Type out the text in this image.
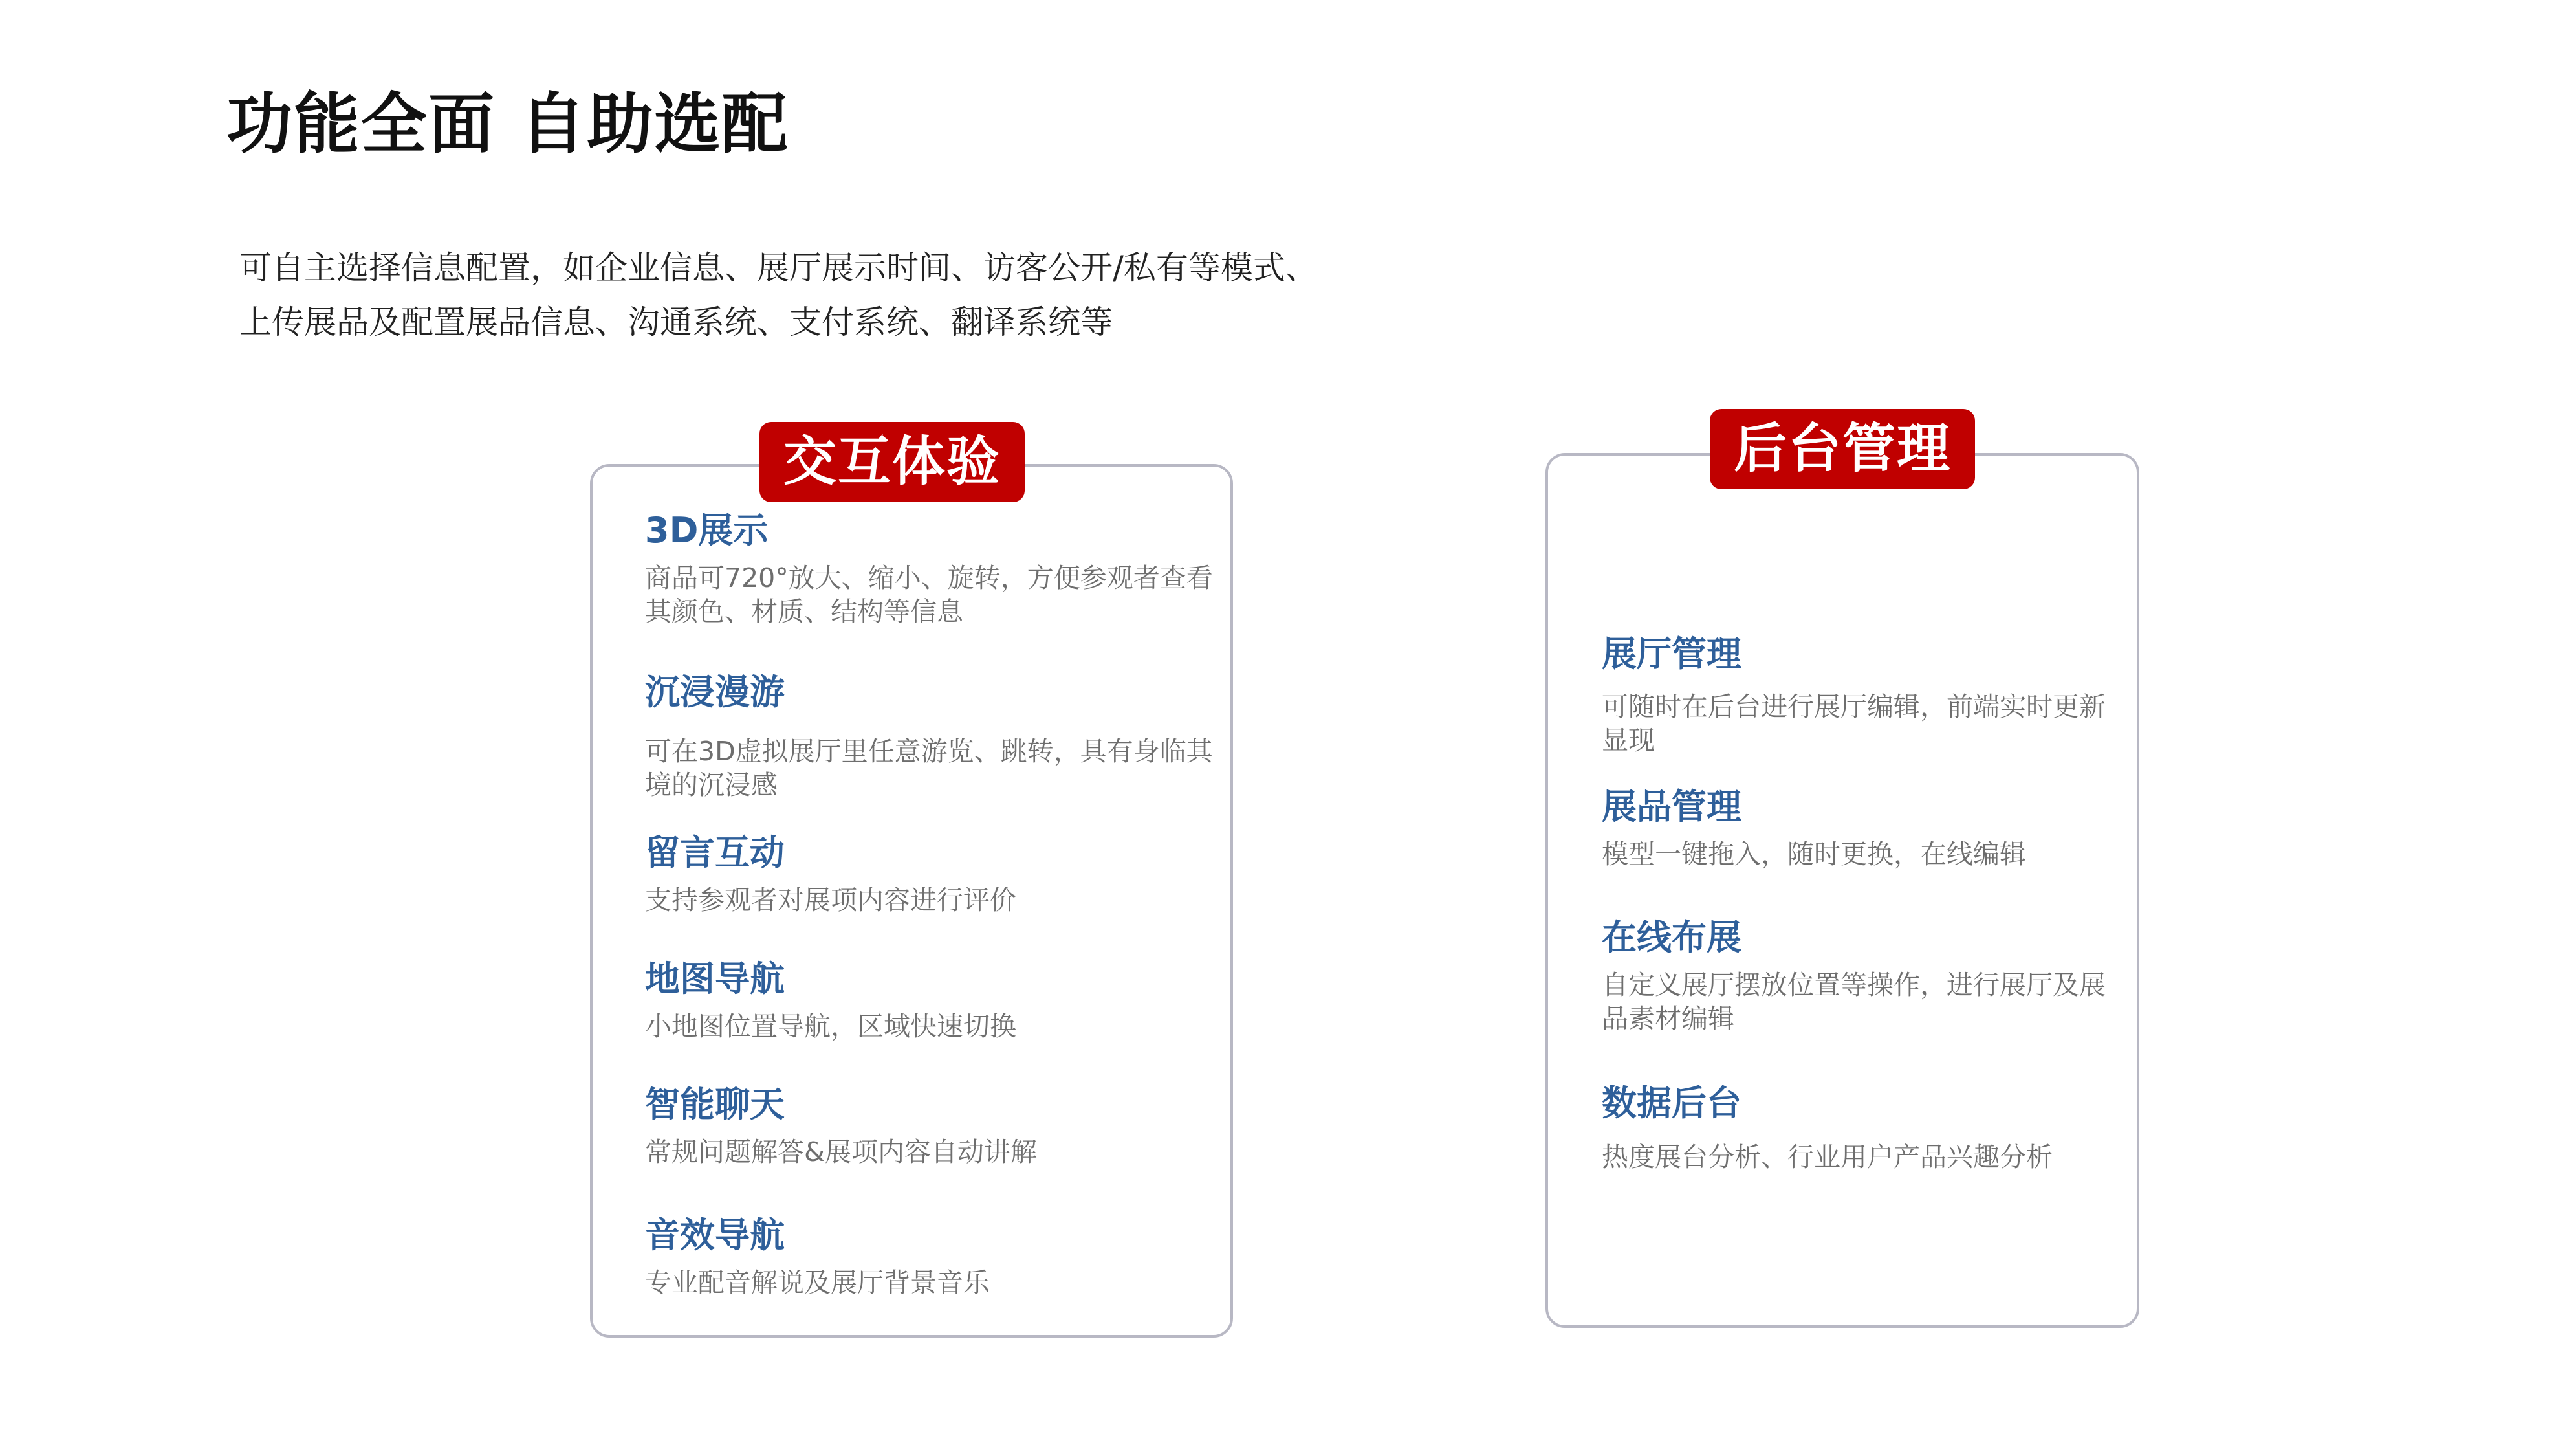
功能全面 自助选配
可自主选择信息配置，如企业信息、展厅展示时间、访客公开/私有等模式、
上传展品及配置展品信息、沟通系统、支付系统、翻译系统等
交互体验
3D展示
商品可720°放大、缩小、旋转，方便参观者查看其颜色、材质、结构等信息
沉浸漫游
可在3D虚拟展厅里任意游览、跳转，具有身临其境的沉浸感
留言互动
支持参观者对展项内容进行评价
地图导航
小地图位置导航，区域快速切换
智能聊天
常规问题解答&展项内容自动讲解
音效导航
专业配音解说及展厅背景音乐
后台管理
展厅管理
可随时在后台进行展厅编辑，前端实时更新显现
展品管理
模型一键拖入，随时更换，在线编辑
在线布展
自定义展厅摆放位置等操作，进行展厅及展品素材编辑
数据后台
热度展台分析、行业用户产品兴趣分析
